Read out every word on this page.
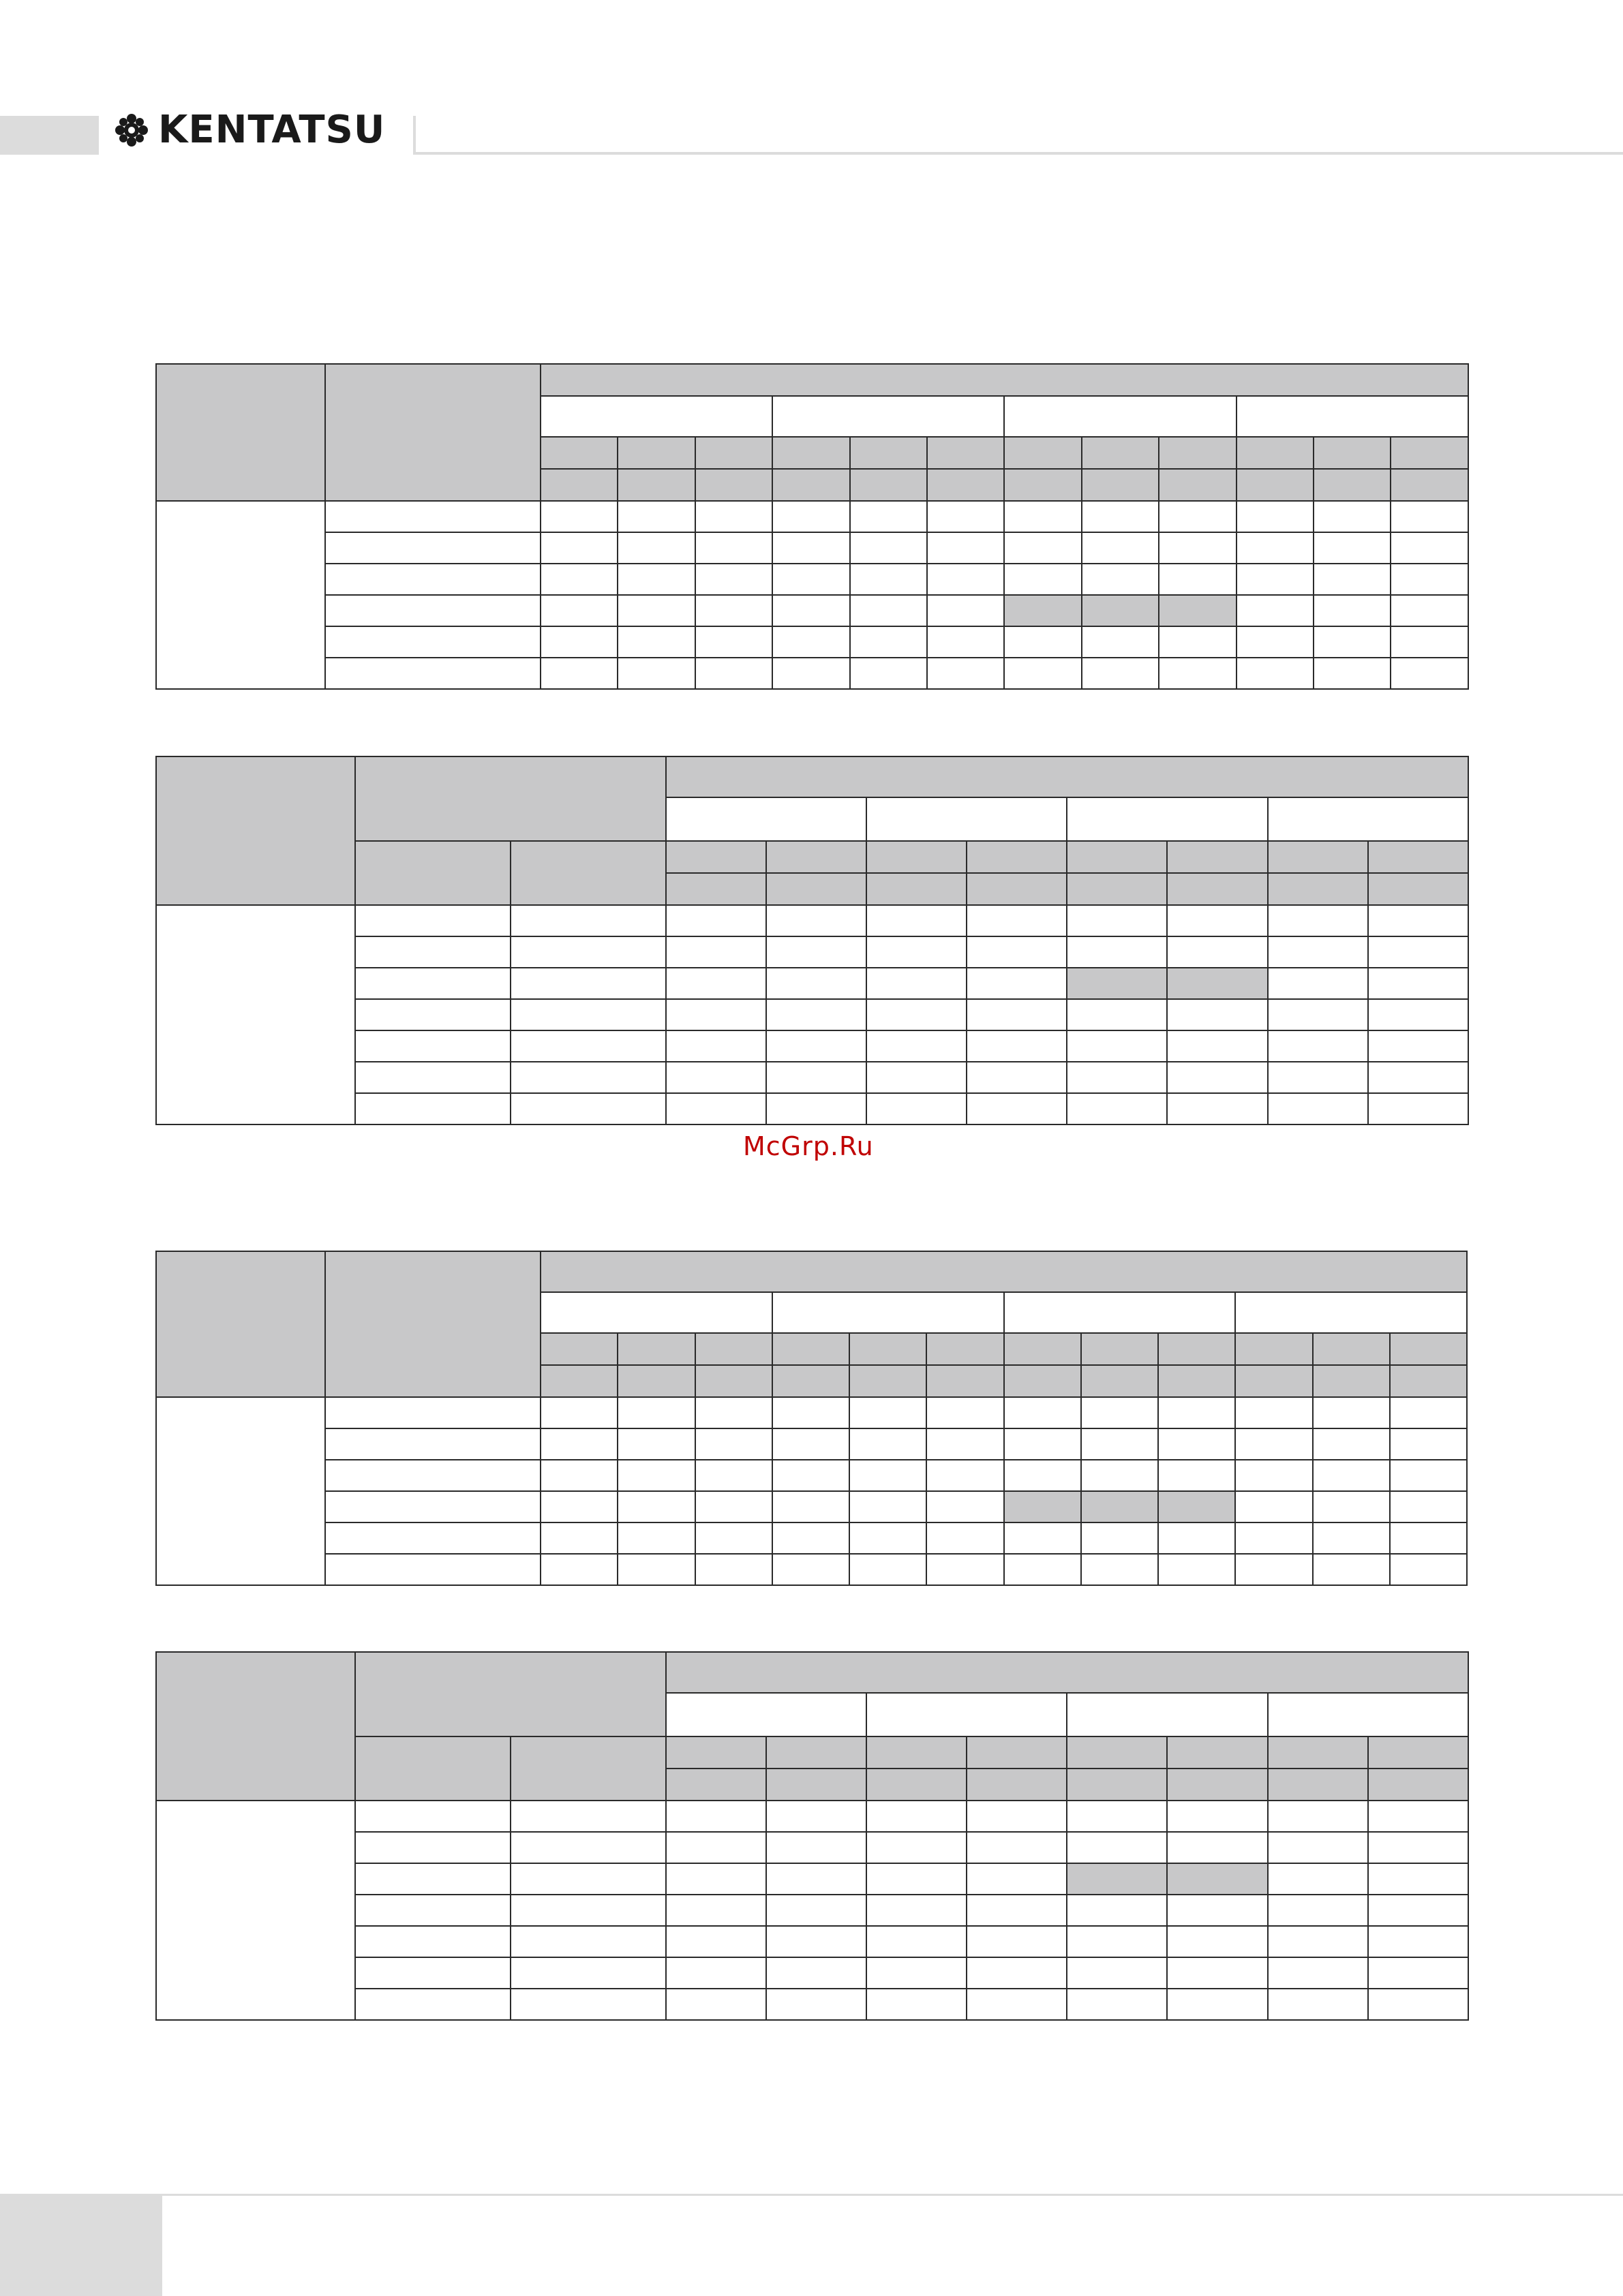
KENTATSU

McGrp.Ru
